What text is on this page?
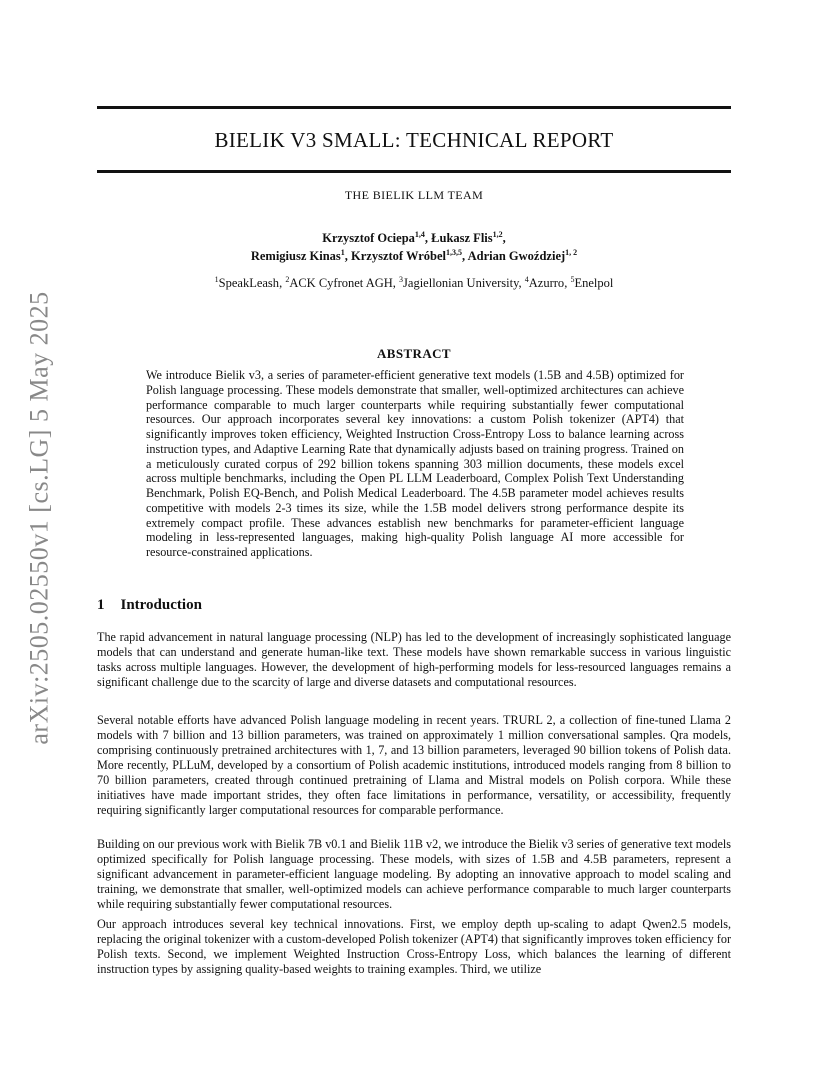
arXiv:2505.02550v1 [cs.LG] 5 May 2025
BIELIK V3 SMALL: TECHNICAL REPORT
THE BIELIK LLM TEAM
Krzysztof Ociepa$^{1,4}$, Łukasz Flis$^{1,2}$,
Remigiusz Kinas$^1$, Krzysztof Wróbel$^{1,3,5}$, Adrian Gwoździej$^{1, 2}$
$^1$SpeakLeash, $^2$ACK Cyfronet AGH, $^3$Jagiellonian University, $^4$Azurro, $^5$Enelpol
ABSTRACT

We introduce Bielik v3, a series of parameter-efficient generative text models (1.5B and 4.5B) optimized for Polish language processing. These models demonstrate that smaller, well-optimized architectures can achieve performance comparable to much larger counterparts while requiring substantially fewer computational resources. Our approach incorporates several key innovations: a custom Polish tokenizer (APT4) that significantly improves token efficiency, Weighted Instruction Cross-Entropy Loss to balance learning across instruction types, and Adaptive Learning Rate that dynamically adjusts based on training progress. Trained on a meticulously curated corpus of 292 billion tokens spanning 303 million documents, these models excel across multiple benchmarks, including the Open PL LLM Leaderboard, Complex Polish Text Understanding Benchmark, Polish EQ-Bench, and Polish Medical Leaderboard. The 4.5B parameter model achieves results competitive with models 2-3 times its size, while the 1.5B model delivers strong performance despite its extremely compact profile. These advances establish new benchmarks for parameter-efficient language modeling in less-represented languages, making high-quality Polish language AI more accessible for resource-constrained applications.

1 Introduction

The rapid advancement in natural language processing (NLP) has led to the development of increasingly sophisticated language models that can understand and generate human-like text. These models have shown remarkable success in various linguistic tasks across multiple languages. However, the development of high-performing models for less-resourced languages remains a significant challenge due to the scarcity of large and diverse datasets and computational resources.

Several notable efforts have advanced Polish language modeling in recent years. TRURL 2, a collection of fine-tuned Llama 2 models with 7 billion and 13 billion parameters, was trained on approximately 1 million conversational samples. Qra models, comprising continuously pretrained architectures with 1, 7, and 13 billion parameters, leveraged 90 billion tokens of Polish data. More recently, PLLuM, developed by a consortium of Polish academic institutions, introduced models ranging from 8 billion to 70 billion parameters, created through continued pretraining of Llama and Mistral models on Polish corpora. While these initiatives have made important strides, they often face limitations in performance, versatility, or accessibility, frequently requiring significantly larger computational resources for comparable performance.

Building on our previous work with Bielik 7B v0.1 and Bielik 11B v2, we introduce the Bielik v3 series of generative text models optimized specifically for Polish language processing. These models, with sizes of 1.5B and 4.5B parameters, represent a significant advancement in parameter-efficient language modeling. By adopting an innovative approach to model scaling and training, we demonstrate that smaller, well-optimized models can achieve performance comparable to much larger counterparts while requiring substantially fewer computational resources.

Our approach introduces several key technical innovations. First, we employ depth up-scaling to adapt Qwen2.5 models, replacing the original tokenizer with a custom-developed Polish tokenizer (APT4) that significantly improves token efficiency for Polish texts. Second, we implement Weighted Instruction Cross-Entropy Loss, which balances the learning of different instruction types by assigning quality-based weights to training examples. Third, we utilize
